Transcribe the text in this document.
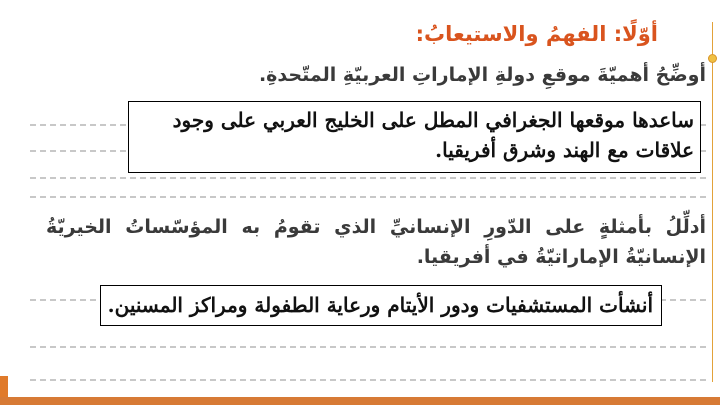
أوّلًا: الفهمُ والاستيعابُ:
أوضِّحُ أهميّةَ موقعِ دولةِ الإماراتِ العربيّةِ المتّحدةِ.
ساعدها موقعها الجغرافي المطل على الخليج العربي على وجود علاقات مع الهند وشرق أفريقيا.
أدلِّلُ بأمثلةٍ على الدّورِ الإنسانيِّ الذي تقومُ به المؤسّساتُ الخيريّةُ الإنسانيّةُ الإماراتيّةُ في أفريقيا.
أنشأت المستشفيات ودور الأيتام ورعاية الطفولة ومراكز المسنين.
